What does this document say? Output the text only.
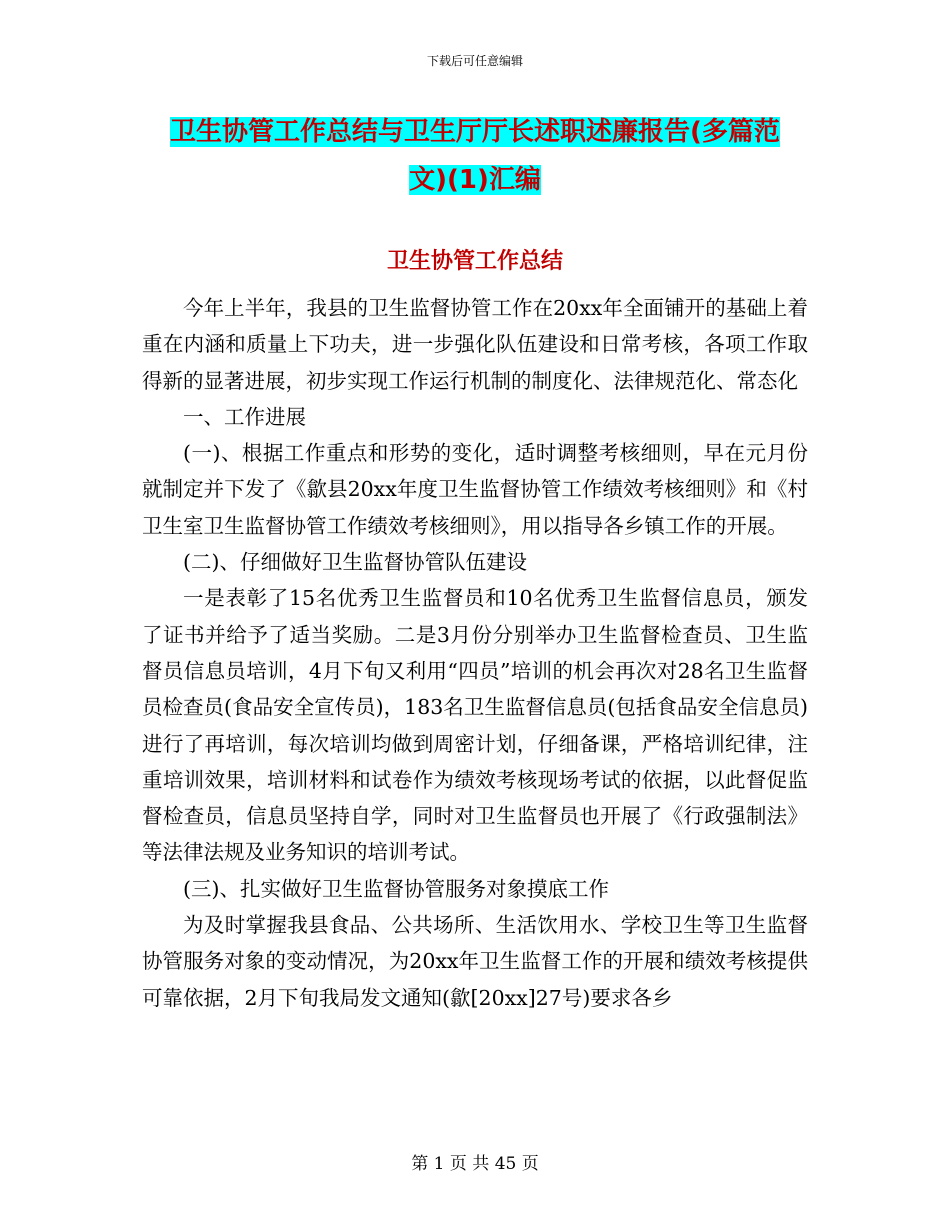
下载后可任意编辑
卫生协管工作总结与卫生厅厅长述职述廉报告(多篇范
文)(1)汇编
卫生协管工作总结

今年上半年，我县的卫生监督协管工作在20xx年全面铺开的基础上着重在内涵和质量上下功夫，进一步强化队伍建设和日常考核，各项工作取得新的显著进展，初步实现工作运行机制的制度化、法律规范化、常态化

一、工作进展

(一)、根据工作重点和形势的变化，适时调整考核细则，早在元月份就制定并下发了《歙县20xx年度卫生监督协管工作绩效考核细则》和《村卫生室卫生监督协管工作绩效考核细则》，用以指导各乡镇工作的开展。

(二)、仔细做好卫生监督协管队伍建设

一是表彰了15名优秀卫生监督员和10名优秀卫生监督信息员，颁发了证书并给予了适当奖励。二是3月份分别举办卫生监督检查员、卫生监督员信息员培训，4月下旬又利用“四员”培训的机会再次对28名卫生监督员检查员(食品安全宣传员)，183名卫生监督信息员(包括食品安全信息员)进行了再培训，每次培训均做到周密计划，仔细备课，严格培训纪律，注重培训效果，培训材料和试卷作为绩效考核现场考试的依据，以此督促监督检查员，信息员坚持自学，同时对卫生监督员也开展了《行政强制法》等法律法规及业务知识的培训考试。

(三)、扎实做好卫生监督协管服务对象摸底工作

为及时掌握我县食品、公共场所、生活饮用水、学校卫生等卫生监督协管服务对象的变动情况，为20xx年卫生监督工作的开展和绩效考核提供可靠依据，2月下旬我局发文通知(歙[20xx]27号)要求各乡

第 1 页 共 45 页
